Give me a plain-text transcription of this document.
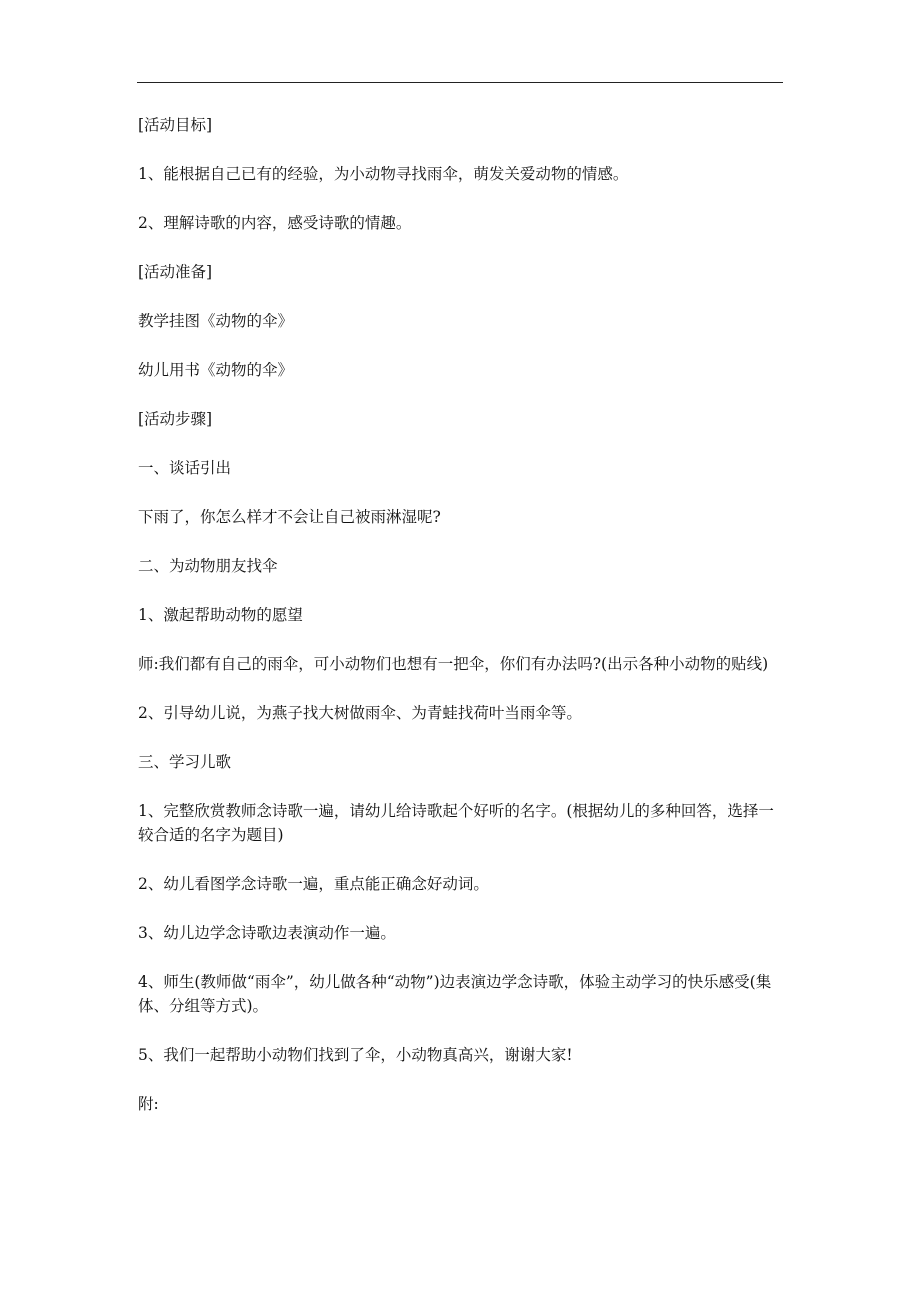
[活动目标]

1、能根据自己已有的经验，为小动物寻找雨伞，萌发关爱动物的情感。

2、理解诗歌的内容，感受诗歌的情趣。

[活动准备]

教学挂图《动物的伞》

幼儿用书《动物的伞》

[活动步骤]

一、谈话引出

下雨了，你怎么样才不会让自己被雨淋湿呢?

二、为动物朋友找伞

1、激起帮助动物的愿望

师:我们都有自己的雨伞，可小动物们也想有一把伞，你们有办法吗?(出示各种小动物的贴线)

2、引导幼儿说，为燕子找大树做雨伞、为青蛙找荷叶当雨伞等。

三、学习儿歌

1、完整欣赏教师念诗歌一遍，请幼儿给诗歌起个好听的名字。(根据幼儿的多种回答，选择一较合适的名字为题目)

2、幼儿看图学念诗歌一遍，重点能正确念好动词。

3、幼儿边学念诗歌边表演动作一遍。

4、师生(教师做“雨伞”，幼儿做各种“动物”)边表演边学念诗歌，体验主动学习的快乐感受(集体、分组等方式)。

5、我们一起帮助小动物们找到了伞，小动物真高兴，谢谢大家!

附:
